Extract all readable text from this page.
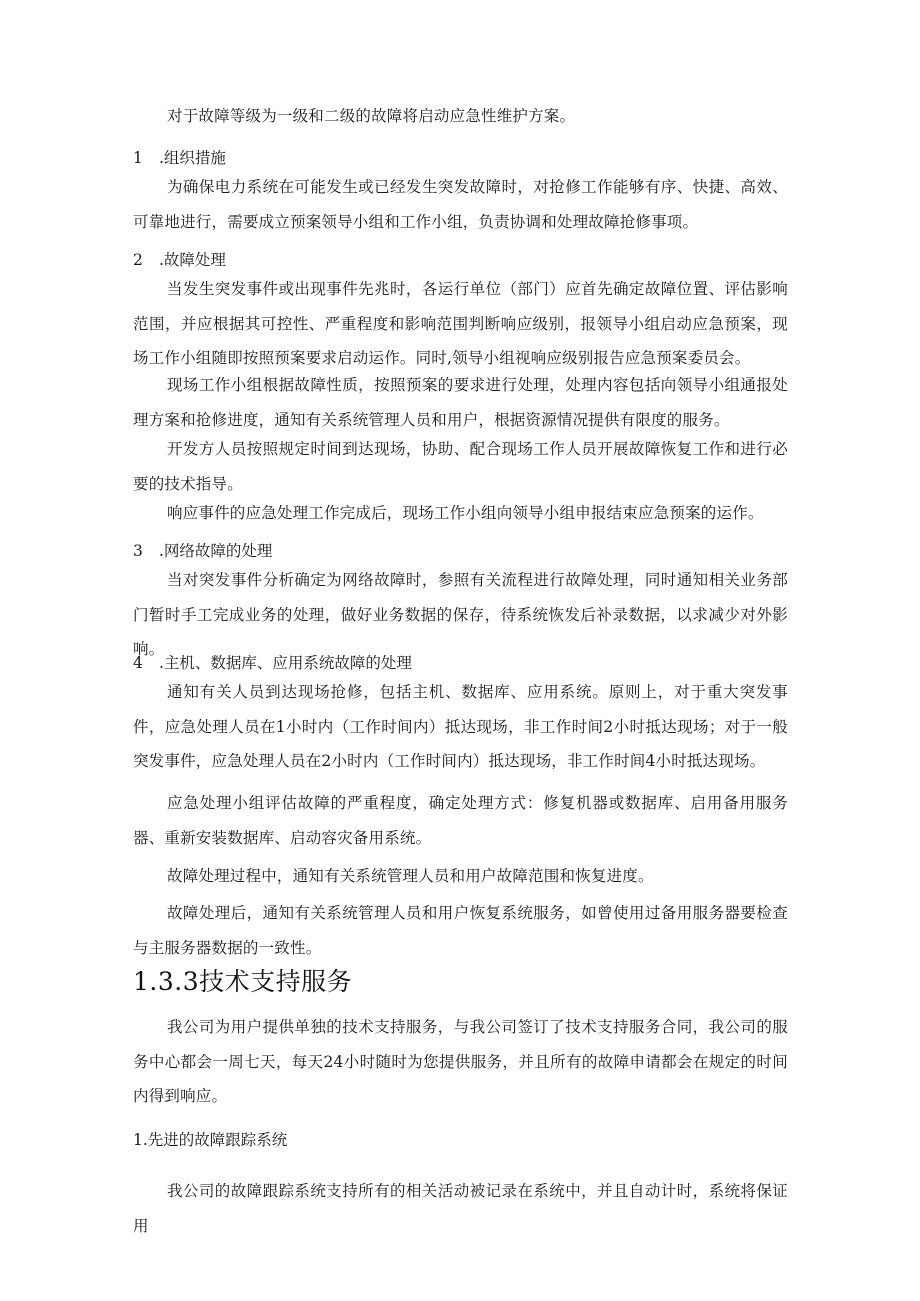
对于故障等级为一级和二级的故障将启动应急性维护方案。

1 .组织措施

为确保电力系统在可能发生或已经发生突发故障时，对抢修工作能够有序、快捷、高效、可靠地进行，需要成立预案领导小组和工作小组，负责协调和处理故障抢修事项。

2 .故障处理

当发生突发事件或出现事件先兆时，各运行单位（部门）应首先确定故障位置、评估影响范围，并应根据其可控性、严重程度和影响范围判断响应级别，报领导小组启动应急预案，现场工作小组随即按照预案要求启动运作。同时,领导小组视响应级别报告应急预案委员会。

现场工作小组根据故障性质，按照预案的要求进行处理，处理内容包括向领导小组通报处理方案和抢修进度，通知有关系统管理人员和用户，根据资源情况提供有限度的服务。

开发方人员按照规定时间到达现场，协助、配合现场工作人员开展故障恢复工作和进行必要的技术指导。

响应事件的应急处理工作完成后，现场工作小组向领导小组申报结束应急预案的运作。

3 .网络故障的处理

当对突发事件分析确定为网络故障时，参照有关流程进行故障处理，同时通知相关业务部门暂时手工完成业务的处理，做好业务数据的保存，待系统恢发后补录数据，以求减少对外影响。

4 .主机、数据库、应用系统故障的处理

通知有关人员到达现场抢修，包括主机、数据库、应用系统。原则上，对于重大突发事件，应急处理人员在1小时内（工作时间内）抵达现场，非工作时间2小时抵达现场；对于一般突发事件，应急处理人员在2小时内（工作时间内）抵达现场，非工作时间4小时抵达现场。

应急处理小组评估故障的严重程度，确定处理方式：修复机器或数据库、启用备用服务器、重新安装数据库、启动容灾备用系统。

故障处理过程中，通知有关系统管理人员和用户故障范围和恢复进度。

故障处理后，通知有关系统管理人员和用户恢复系统服务，如曾使用过备用服务器要检查与主服务器数据的一致性。

1.3.3技术支持服务

我公司为用户提供单独的技术支持服务，与我公司签订了技术支持服务合同，我公司的服务中心都会一周七天，每天24小时随时为您提供服务，并且所有的故障申请都会在规定的时间内得到响应。

1.先进的故障跟踪系统

我公司的故障跟踪系统支持所有的相关活动被记录在系统中，并且自动计时，系统将保证用
